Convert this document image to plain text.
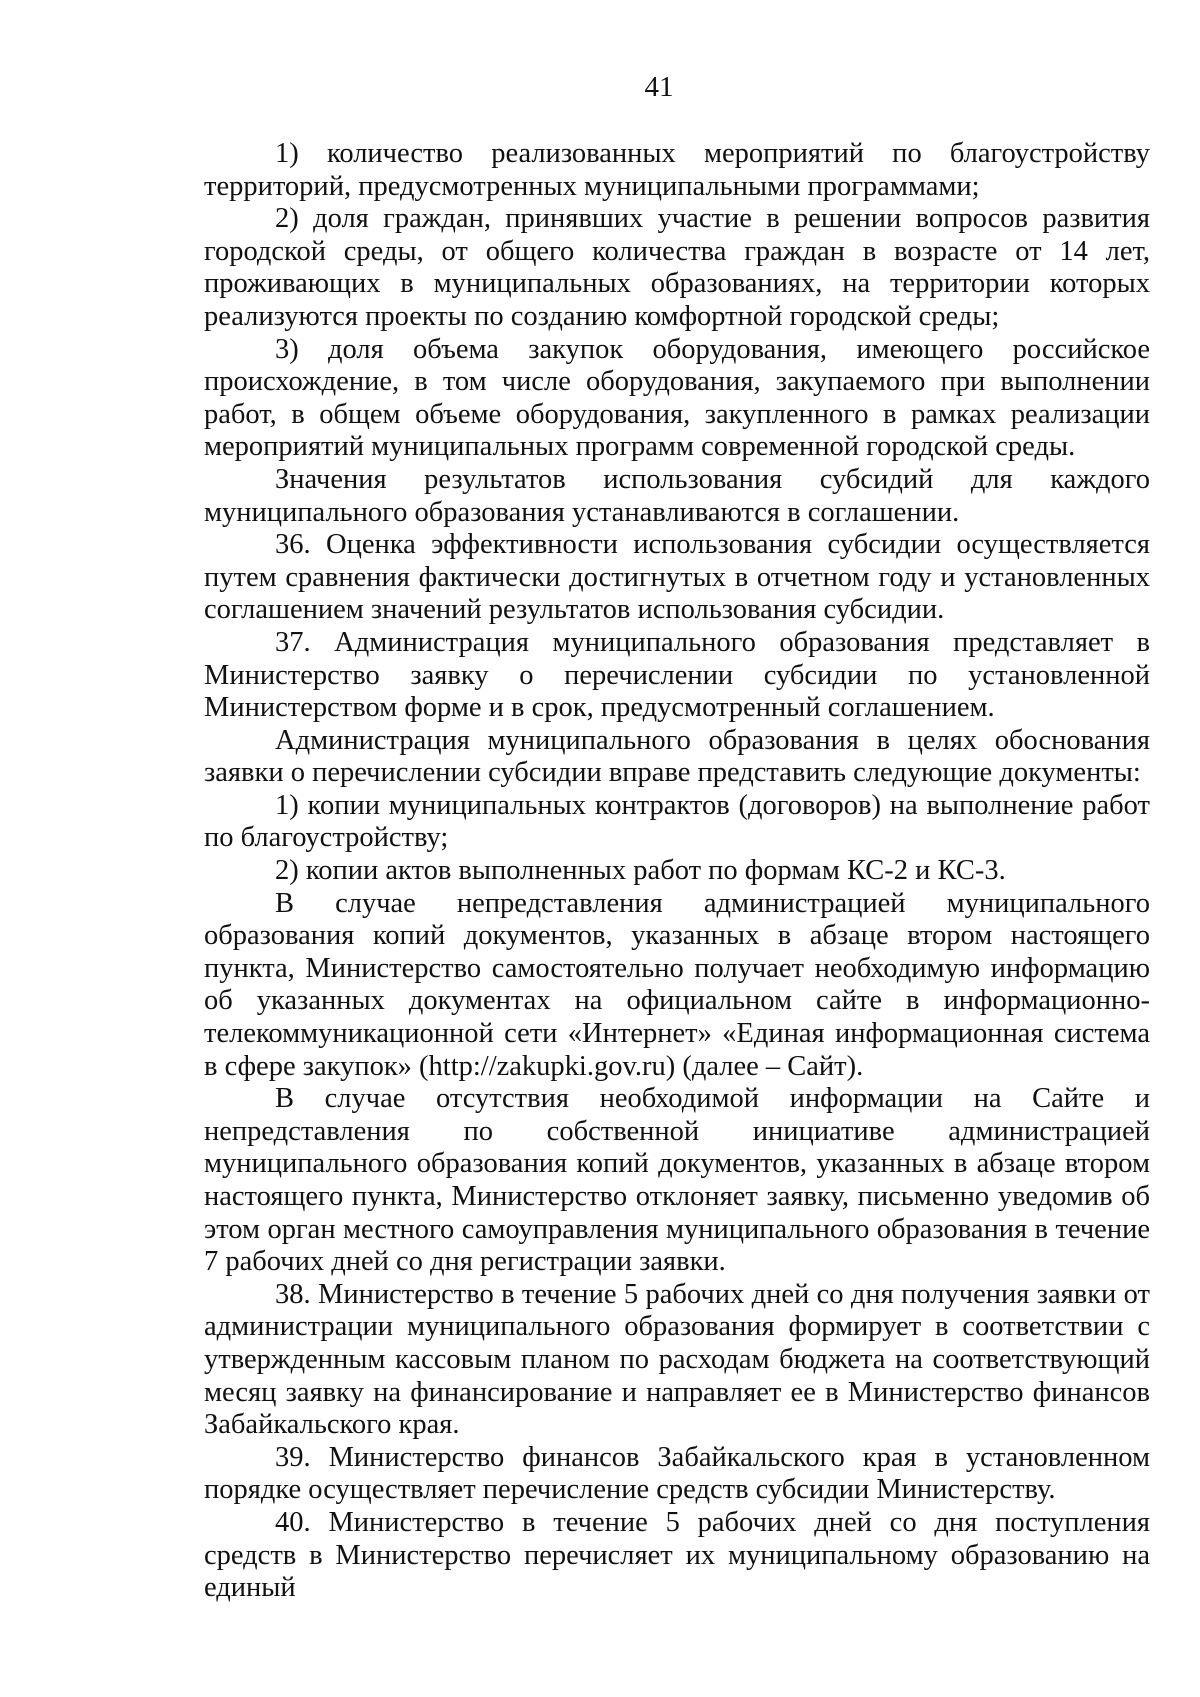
41

1) количество реализованных мероприятий по благоустройству территорий, предусмотренных муниципальными программами;

2) доля граждан, принявших участие в решении вопросов развития городской среды, от общего количества граждан в возрасте от 14 лет, проживающих в муниципальных образованиях, на территории которых реализуются проекты по созданию комфортной городской среды;

3) доля объема закупок оборудования, имеющего российское происхождение, в том числе оборудования, закупаемого при выполнении работ, в общем объеме оборудования, закупленного в рамках реализации мероприятий муниципальных программ современной городской среды.

Значения результатов использования субсидий для каждого муниципального образования устанавливаются в соглашении.

36. Оценка эффективности использования субсидии осуществляется путем сравнения фактически достигнутых в отчетном году и установленных соглашением значений результатов использования субсидии.

37. Администрация муниципального образования представляет в Министерство заявку о перечислении субсидии по установленной Министерством форме и в срок, предусмотренный соглашением.

Администрация муниципального образования в целях обоснования заявки о перечислении субсидии вправе представить следующие документы:

1) копии муниципальных контрактов (договоров) на выполнение работ по благоустройству;

2) копии актов выполненных работ по формам КС-2 и КС-3.

В случае непредставления администрацией муниципального образования копий документов, указанных в абзаце втором настоящего пункта, Министерство самостоятельно получает необходимую информацию об указанных документах на официальном сайте в информационно-телекоммуникационной сети «Интернет» «Единая информационная система в сфере закупок» (http://zakupki.gov.ru) (далее – Сайт).

В случае отсутствия необходимой информации на Сайте и непредставления по собственной инициативе администрацией муниципального образования копий документов, указанных в абзаце втором настоящего пункта, Министерство отклоняет заявку, письменно уведомив об этом орган местного самоуправления муниципального образования в течение 7 рабочих дней со дня регистрации заявки.

38. Министерство в течение 5 рабочих дней со дня получения заявки от администрации муниципального образования формирует в соответствии с утвержденным кассовым планом по расходам бюджета на соответствующий месяц заявку на финансирование и направляет ее в Министерство финансов Забайкальского края.

39. Министерство финансов Забайкальского края в установленном порядке осуществляет перечисление средств субсидии Министерству.

40. Министерство в течение 5 рабочих дней со дня поступления средств в Министерство перечисляет их муниципальному образованию на единый
